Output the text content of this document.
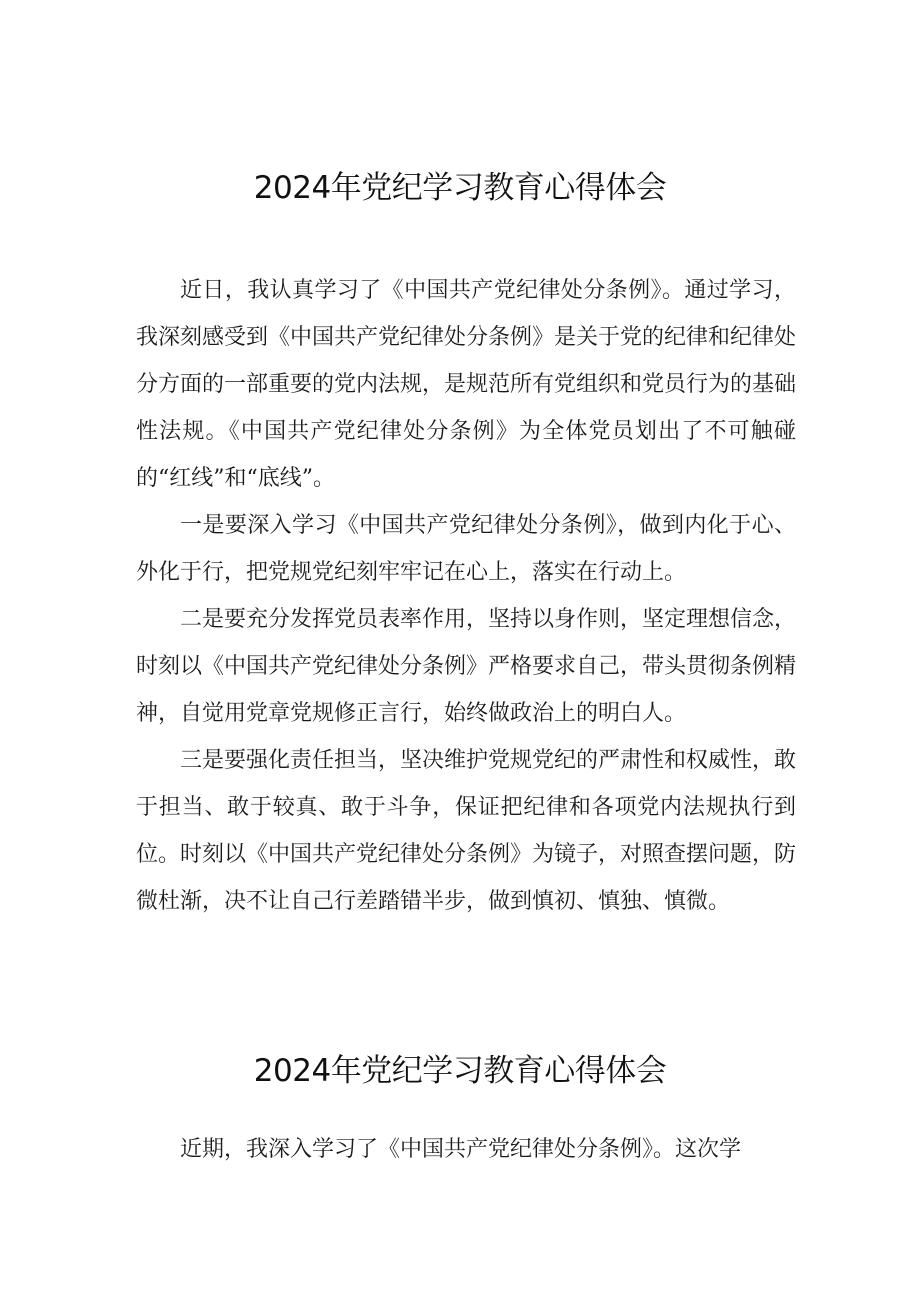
2024年党纪学习教育心得体会

近日，我认真学习了《中国共产党纪律处分条例》。通过学习，我深刻感受到《中国共产党纪律处分条例》是关于党的纪律和纪律处分方面的一部重要的党内法规，是规范所有党组织和党员行为的基础性法规。《中国共产党纪律处分条例》为全体党员划出了不可触碰的“红线”和“底线”。

一是要深入学习《中国共产党纪律处分条例》，做到内化于心、外化于行，把党规党纪刻牢牢记在心上，落实在行动上。

二是要充分发挥党员表率作用，坚持以身作则，坚定理想信念，时刻以《中国共产党纪律处分条例》严格要求自己，带头贯彻条例精神，自觉用党章党规修正言行，始终做政治上的明白人。

三是要强化责任担当，坚决维护党规党纪的严肃性和权威性，敢于担当、敢于较真、敢于斗争，保证把纪律和各项党内法规执行到位。时刻以《中国共产党纪律处分条例》为镜子，对照查摆问题，防微杜渐，决不让自己行差踏错半步，做到慎初、慎独、慎微。

2024年党纪学习教育心得体会

近期，我深入学习了《中国共产党纪律处分条例》。这次学
